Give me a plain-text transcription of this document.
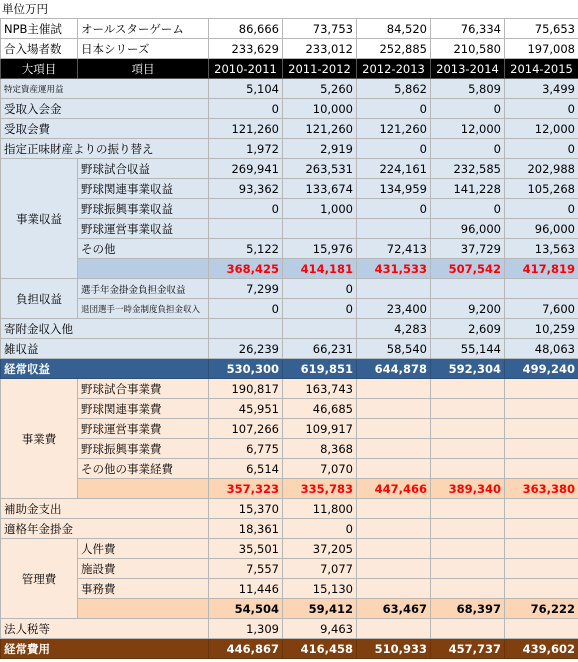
単位万円
NPB主催試	オールスターゲーム	86,666	73,753	84,520	76,334	75,653
合入場者数	日本シリーズ	233,629	233,012	252,885	210,580	197,008
大項目	項目	2010-2011	2011-2012	2012-2013	2013-2014	2014-2015
特定資産運用益		5,104	5,260	5,862	5,809	3,499
受取入会金		0	10,000	0	0	0
受取会費		121,260	121,260	121,260	12,000	12,000
指定正味財産よりの振り替え		1,972	2,919	0	0	0
事業収益	野球試合収益	269,941	263,531	224,161	232,585	202,988
	野球関連事業収益	93,362	133,674	134,959	141,228	105,268
	野球振興事業収益	0	1,000	0	0	0
	野球運営事業収益				96,000	96,000
	その他	5,122	15,976	72,413	37,729	13,563
		368,425	414,181	431,533	507,542	417,819
負担収益	選手年金掛金負担金収益	7,299	0			
	退団選手一時金制度負担金収入	0	0	23,400	9,200	7,600
寄附金収入他				4,283	2,609	10,259
雑収益		26,239	66,231	58,540	55,144	48,063
経常収益		530,300	619,851	644,878	592,304	499,240
事業費	野球試合事業費	190,817	163,743			
	野球関連事業費	45,951	46,685			
	野球運営事業費	107,266	109,917			
	野球振興事業費	6,775	8,368			
	その他の事業経費	6,514	7,070			
		357,323	335,783	447,466	389,340	363,380
補助金支出		15,370	11,800			
適格年金掛金		18,361	0			
管理費	人件費	35,501	37,205			
	施設費	7,557	7,077			
	事務費	11,446	15,130			
		54,504	59,412	63,467	68,397	76,222
法人税等		1,309	9,463			
経常費用		446,867	416,458	510,933	457,737	439,602
